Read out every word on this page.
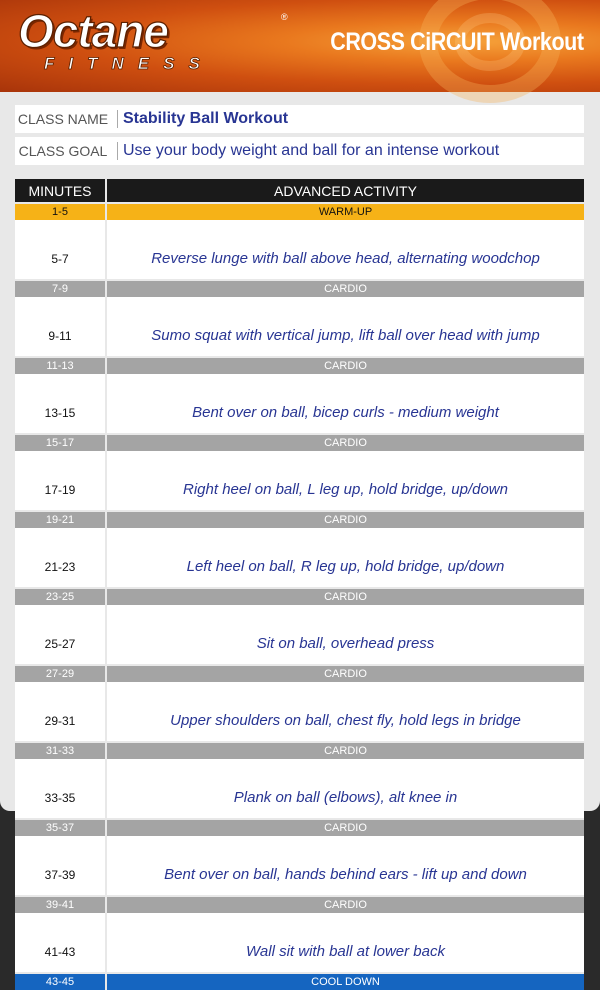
Octane	®
FITNESS
CROSS CiRCUIT Workout
CLASS NAME Stability Ball Workout
CLASS GOAL Use your body weight and ball for an intense workout
MINUTES	ADVANCED ACTIVITY
1-5	WARM-UP
5-7	Reverse lunge with ball above head, alternating woodchop
7-9	CARDIO
9-11	Sumo squat with vertical jump, lift ball over head with jump
11-13	CARDIO
13-15	Bent over on ball, bicep curls - medium weight
15-17	CARDIO
17-19	Right heel on ball, L leg up, hold bridge, up/down
19-21	CARDIO
21-23	Left heel on ball, R leg up, hold bridge, up/down
23-25	CARDIO
25-27	Sit on ball, overhead press
27-29	CARDIO
29-31	Upper shoulders on ball, chest fly, hold legs in bridge
31-33	CARDIO
33-35	Plank on ball (elbows), alt knee in
35-37	CARDIO
37-39	Bent over on ball, hands behind ears - lift up and down
39-41	CARDIO
41-43	Wall sit with ball at lower back
43-45	COOL DOWN
